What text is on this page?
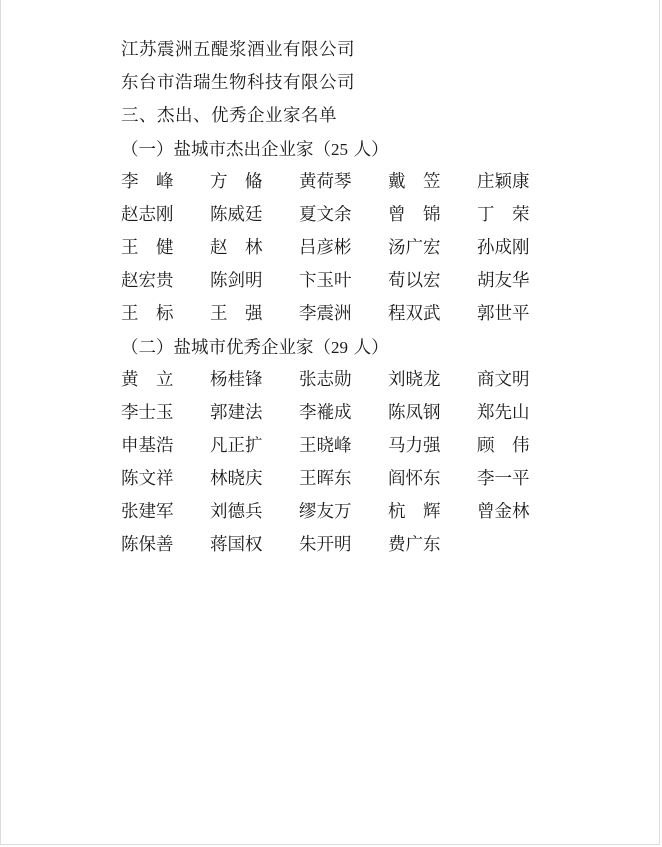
江苏震洲五醍浆酒业有限公司
东台市浩瑞生物科技有限公司
三、杰出、优秀企业家名单
（一）盐城市杰出企业家（25 人）
李　峰	方　偹	黄荷琴	戴　笠	庄颖康
赵志刚	陈威廷	夏文余	曾　锦	丁　荣
王　健	赵　林	吕彦彬	汤广宏	孙成刚
赵宏贵	陈剑明	卞玉叶	荀以宏	胡友华
王　标	王　强	李震洲	程双武	郭世平
（二）盐城市优秀企业家（29 人）
黄　立	杨桂锋	张志勋	刘晓龙	商文明
李士玉	郭建法	李褦成	陈凤钢	郑先山
申基浩	凡正扩	王晓峰	马力强	顾　伟
陈文祥	林晓庆	王晖东	阎怀东	李一平
张建军	刘德兵	缪友万	杭　辉	曾金林
陈保善	蒋国权	朱开明	费广东
